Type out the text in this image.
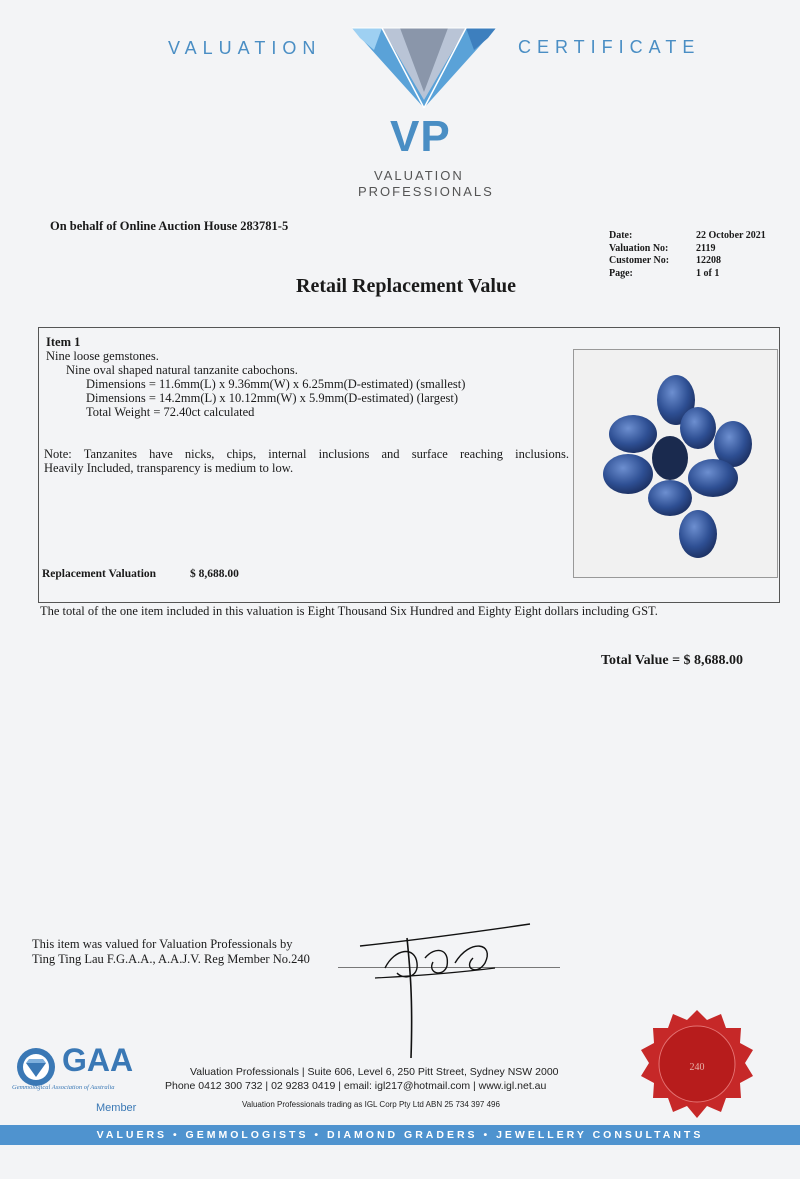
VALUATION	CERTIFICATE
VP
VALUATION
PROFESSIONALS
On behalf of Online Auction House 283781-5
Date:
Valuation No:
Customer No:
Page:
22 October 2021
2119
12208
1 of 1
Retail Replacement Value
Item 1
Nine loose gemstones.
Nine oval shaped natural tanzanite cabochons.
Dimensions = 11.6mm(L) x 9.36mm(W) x 6.25mm(D-estimated) (smallest)
Dimensions = 14.2mm(L) x 10.12mm(W) x 5.9mm(D-estimated) (largest)
Total Weight = 72.40ct calculated
Note: Tanzanites have nicks, chips, internal inclusions and surface reaching inclusions.
Heavily Included, transparency is medium to low.
Replacement Valuation	$ 8,688.00
The total of the one item included in this valuation is Eight Thousand Six Hundred and Eighty Eight dollars including GST.
Total Value = $ 8,688.00
This item was valued for Valuation Professionals by
Ting Ting Lau F.G.A.A., A.A.J.V. Reg Member No.240
GAA
Gemmological Association of Australia
Member
Valuation Professionals | Suite 606, Level 6, 250 Pitt Street, Sydney NSW 2000
Phone 0412 300 732 | 02 9283 0419 | email: igl217@hotmail.com | www.igl.net.au
Valuation Professionals trading as IGL Corp Pty Ltd ABN 25 734 397 496
240
VALUERS • GEMMOLOGISTS • DIAMOND GRADERS • JEWELLERY CONSULTANTS
